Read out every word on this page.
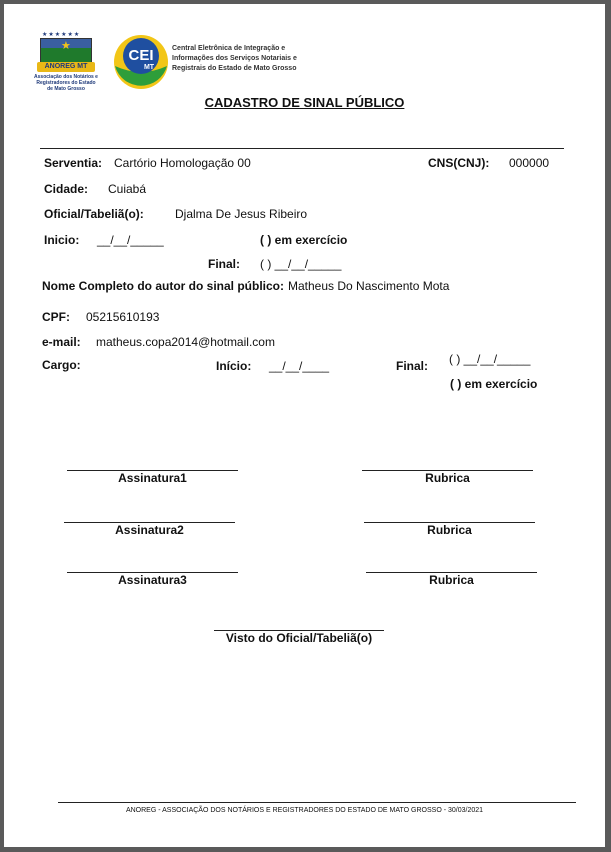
★★★★★★
★
ANOREG MT
Associação dos Notários e Registradores do Estado de Mato Grosso
CEI
MT
Central Eletrônica de Integração e Informações dos Serviços Notariais e Registrais do Estado de Mato Grosso
CADASTRO DE SINAL PÚBLICO
Serventia: Cartório Homologação 00	CNS(CNJ): 000000
Cidade: Cuiabá
Oficial/Tabeliã(o):	Djalma De Jesus Ribeiro
Inicio: __/__/_____	( ) em exercício
Final: ( ) __/__/_____
Nome Completo do autor do sinal público: Matheus Do Nascimento Mota
CPF: 05215610193
e-mail: matheus.copa2014@hotmail.com
Cargo:	Início: __/__/____	Final: ( ) __/__/_____
( ) em exercício
Assinatura1	Rubrica
Assinatura2	Rubrica
Assinatura3	Rubrica
Visto do Oficial/Tabeliã(o)
ANOREG - ASSOCIAÇÃO DOS NOTÁRIOS E REGISTRADORES DO ESTADO DE MATO GROSSO - 30/03/2021
